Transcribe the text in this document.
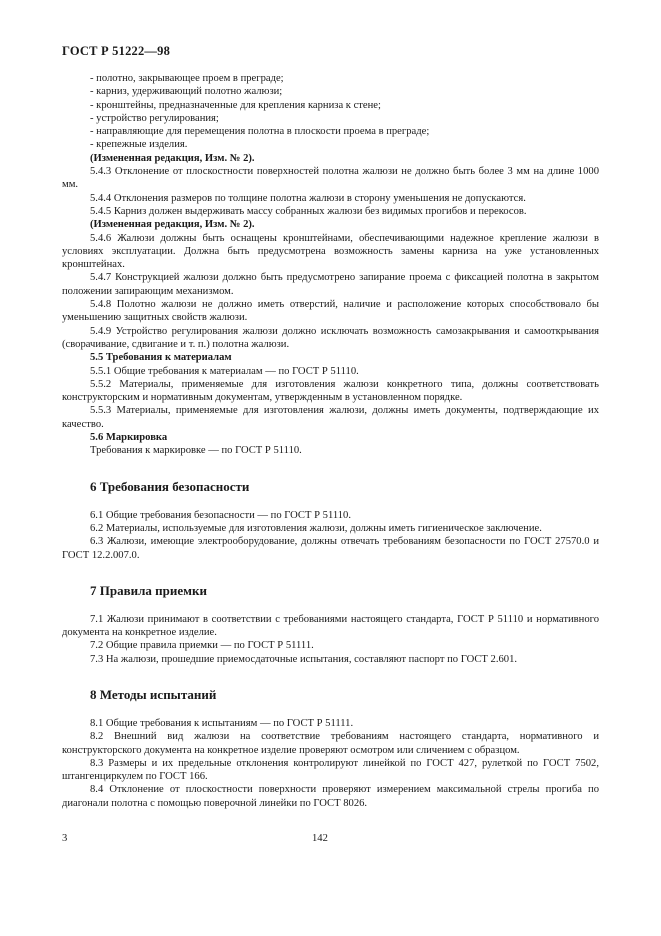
ГОСТ Р 51222—98

- полотно, закрывающее проем в преграде;

- карниз, удерживающий полотно жалюзи;

- кронштейны, предназначенные для крепления карниза к стене;

- устройство регулирования;

- направляющие для перемещения полотна в плоскости проема в преграде;

- крепежные изделия.

(Измененная редакция, Изм. № 2).

5.4.3 Отклонение от плоскостности поверхностей полотна жалюзи не должно быть более 3 мм на длине 1000 мм.

5.4.4 Отклонения размеров по толщине полотна жалюзи в сторону уменьшения не допускаются.

5.4.5 Карниз должен выдерживать массу собранных жалюзи без видимых прогибов и перекосов.

(Измененная редакция, Изм. № 2).

5.4.6 Жалюзи должны быть оснащены кронштейнами, обеспечивающими надежное крепление жалюзи в условиях эксплуатации. Должна быть предусмотрена возможность замены карниза на уже установленных кронштейнах.

5.4.7 Конструкцией жалюзи должно быть предусмотрено запирание проема с фиксацией полотна в закрытом положении запирающим механизмом.

5.4.8 Полотно жалюзи не должно иметь отверстий, наличие и расположение которых способствовало бы уменьшению защитных свойств жалюзи.

5.4.9 Устройство регулирования жалюзи должно исключать возможность самозакрывания и самооткрывания (сворачивание, сдвигание и т. п.) полотна жалюзи.

5.5 Требования к материалам

5.5.1 Общие требования к материалам — по ГОСТ Р 51110.

5.5.2 Материалы, применяемые для изготовления жалюзи конкретного типа, должны соответствовать конструкторским и нормативным документам, утвержденным в установленном порядке.

5.5.3 Материалы, применяемые для изготовления жалюзи, должны иметь документы, подтверждающие их качество.

5.6 Маркировка

Требования к маркировке — по ГОСТ Р 51110.

6 Требования безопасности

6.1 Общие требования безопасности — по ГОСТ Р 51110.

6.2 Материалы, используемые для изготовления жалюзи, должны иметь гигиеническое заключение.

6.3 Жалюзи, имеющие электрооборудование, должны отвечать требованиям безопасности по ГОСТ 27570.0 и ГОСТ 12.2.007.0.

7 Правила приемки

7.1 Жалюзи принимают в соответствии с требованиями настоящего стандарта, ГОСТ Р 51110 и нормативного документа на конкретное изделие.

7.2 Общие правила приемки — по ГОСТ Р 51111.

7.3 На жалюзи, прошедшие приемосдаточные испытания, составляют паспорт по ГОСТ 2.601.

8 Методы испытаний

8.1 Общие требования к испытаниям — по ГОСТ Р 51111.

8.2 Внешний вид жалюзи на соответствие требованиям настоящего стандарта, нормативного и конструкторского документа на конкретное изделие проверяют осмотром или сличением с образцом.

8.3 Размеры и их предельные отклонения контролируют линейкой по ГОСТ 427, рулеткой по ГОСТ 7502, штангенциркулем по ГОСТ 166.

8.4 Отклонение от плоскостности поверхности проверяют измерением максимальной стрелы прогиба по диагонали полотна с помощью поверочной линейки по ГОСТ 8026.

3	142
